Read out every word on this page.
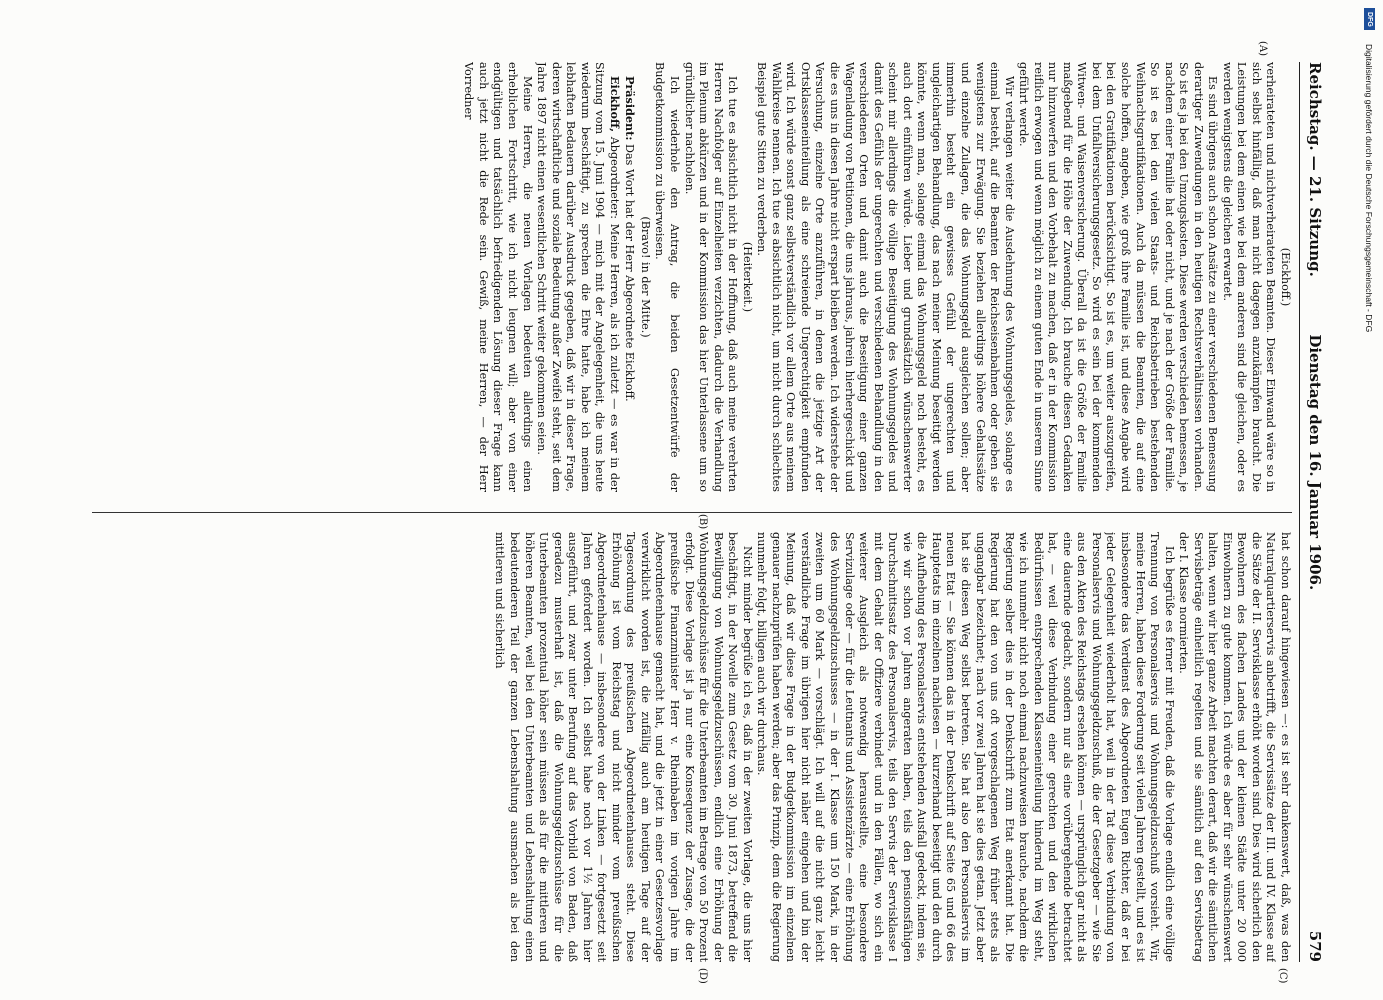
Reichstag. — 21. Sitzung.
Dienstag den 16. Januar 1906.  579

(Eickhoff.)

verheirateten und nichtverheirateten Beamten. Dieser Einwand wäre so in sich selbst hinfällig, daß man nicht dagegen anzukämpfen braucht. Die Leistungen bei dem einen wie bei dem anderen sind die gleichen, oder es werden wenigstens die gleichen erwartet.

Es sind übrigens auch schon Ansätze zu einer verschiedenen Bemessung derartiger Zuwendungen in den heutigen Rechtsverhältnissen vorhanden. So ist es ja bei den Umzugskosten. Diese werden verschieden bemessen, je nachdem einer Familie hat oder nicht, und je nach der Größe der Familie. So ist es bei den vielen Staats- und Reichsbetrieben bestehenden Weihnachtsgratifikationen. Auch da müssen die Beamten, die auf eine solche hoffen, angeben, wie groß ihre Familie ist, und diese Angabe wird bei den Gratifikationen berücksichtigt. So ist es, um weiter auszugreifen, bei dem Unfallversicherungsgesetz. So wird es sein bei der kommenden Witwen- und Waisenversicherung. Überall da ist die Größe der Familie maßgebend für die Höhe der Zuwendung. Ich brauche diesen Gedanken nur hinzuwerfen und den Vorbehalt zu machen, daß er in der Kommission reiflich erwogen und wenn möglich zu einem guten Ende in unserem Sinne geführt werde.

Wir verlangen weiter die Ausdehnung des Wohnungsgeldes, solange es einmal besteht, auf die Beamten der Reichseisenbahnen oder geben sie wenigstens zur Erwägung. Sie beziehen allerdings höhere Gehaltssätze und einzelne Zulagen, die das Wohnungsgeld ausgleichen sollen; aber immerhin besteht ein gewisses Gefühl der ungerechten und ungleichartigen Behandlung, das nach meiner Meinung beseitigt werden könnte, wenn man, solange einmal das Wohnungsgeld noch besteht, es auch dort einführen würde. Lieber und grundsätzlich wünschenswerter scheint mir allerdings die völlige Beseitigung des Wohnungsgeldes und damit des Gefühls der ungerechten und verschiedenen Behandlung in den verschiedenen Orten und damit auch die Beseitigung einer ganzen Wagenladung von Petitionen, die uns jahraus, jahrein hierhergeschickt und die es uns in diesen Jahre nicht erspart bleiben werden. Ich widerstehe der Versuchung, einzelne Orte anzuführen, in denen die jetzige Art der Ortsklasseneinteilung als eine schreiende Ungerechtigkeit empfunden wird. Ich würde sonst ganz selbstverständlich vor allem Orte aus meinem Wahlkreise nennen. Ich tue es absichtlich nicht, um nicht durch schlechtes Beispiel gute Sitten zu verderben.

(Heiterkeit.)

Ich tue es absichtlich nicht in der Hoffnung, daß auch meine verehrten Herren Nachfolger auf Einzelheiten verzichten, dadurch die Verhandlung im Plenum abkürzen und in der Kommission das hier Unterlassene um so gründlicher nachholen.

Ich wiederhole den Antrag, die beiden Gesetzentwürfe der Budgetkommission zu überweisen.

(Bravo! in der Mitte.)

Präsident: Das Wort hat der Herr Abgeordnete Eickhoff.

Eickhoff, Abgeordneter: Meine Herren, als ich zuletzt — es war in der Sitzung vom 15. Juni 1904 — mich mit der Angelegenheit, die uns heute wiederum beschäftigt, zu sprechen die Ehre hatte, habe ich meinem lebhaften Bedauern darüber Ausdruck gegeben, daß wir in dieser Frage, deren wirtschaftliche und soziale Bedeutung außer Zweifel steht, seit dem Jahre 1897 nicht einen wesentlichen Schritt weiter gekommen seien.

Meine Herren, die neuen Vorlagen bedeuten allerdings einen erheblichen Fortschritt, wie ich nicht leugnen will; aber von einer endgültigen und tatsächlich befriedigenden Lösung dieser Frage kann auch jetzt nicht die Rede sein. Gewiß, meine Herren, — der Herr Vorredner

hat schon darauf hingewiesen —: es ist sehr dankenswert, daß, was den Naturalquartierservis anbetrifft, die Servissätze der III. und IV. Klasse auf die Sätze der II. Servisklasse erhöht worden sind. Dies wird sicherlich den Bewohnern des flachen Landes und der kleinen Städte unter 20 000 Einwohnern zu gute kommen. Ich würde es aber für sehr wünschenswert halten, wenn wir hier ganze Arbeit machten derart, daß wir die sämtlichen Servisbeträge einheitlich regelten und sie sämtlich auf den Servisbetrag der I. Klasse normierten.

Ich begrüße es ferner mit Freuden, daß die Vorlage endlich eine völlige Trennung von Personalservis und Wohnungsgeldzuschuß vorsieht. Wir, meine Herren, haben diese Forderung seit vielen Jahren gestellt, und es ist insbesondere das Verdienst des Abgeordneten Eugen Richter, daß er bei jeder Gelegenheit wiederholt hat, weil in der Tat diese Verbindung von Personalservis und Wohnungsgeldzuschuß, die der Gesetzgeber — wie Sie aus den Akten des Reichstags ersehen können — ursprünglich gar nicht als eine dauernde gedacht, sondern nur als eine vorübergehende betrachtet hat, — weil diese Verbindung einer gerechten und den wirklichen Bedürfnissen entsprechenden Klasseneinteilung hindernd im Weg steht, wie ich nunmehr nicht noch einmal nachzuweisen brauche, nachdem die Regierung selber dies in der Denkschrift zum Etat anerkannt hat. Die Regierung hat den von uns oft vorgeschlagenen Weg früher stets als ungangbar bezeichnet; nach vor zwei Jahren hat sie dies getan. Jetzt aber hat sie diesen Weg selbst betreten. Sie hat also den Personalservis im neuen Etat — Sie können das in der Denkschrift auf Seite 65 und 66 des Hauptetats im einzelnen nachlesen — kurzerhand beseitigt und den durch die Aufhebung des Personalservis entstehenden Ausfall gedeckt, indem sie, wie wir schon vor Jahren angeraten haben, teils den pensionsfähigen Durchschnittssatz des Personalservis, teils den Servis der Servisklasse I mit dem Gehalt der Offiziere verbindet und in den Fällen, wo sich ein weiterer Ausgleich als notwendig herausstellte, eine besondere Servizulage oder — für die Leutnants und Assistenzärzte — eine Erhöhung des Wohnungsgeldzuschusses — in der I. Klasse um 150 Mark, in der zweiten um 60 Mark — vorschlägt. Ich will auf die nicht ganz leicht verständliche Frage im übrigen hier nicht näher eingehen und bin der Meinung, daß wir diese Frage in der Budgetkommission im einzelnen genauer nachzuprüfen haben werden; aber das Prinzip, dem die Regierung nunmehr folgt, billigen auch wir durchaus.

Nicht minder begrüße ich es, daß in der zweiten Vorlage, die uns hier beschäftigt, in der Novelle zum Gesetz vom 30. Juni 1873, betreffend die Bewilligung von Wohnungsgeldzuschüssen, endlich eine Erhöhung der Wohnungsgeldzuschüsse für die Unterbeamten im Betrage von 50 Prozent erfolgt. Diese Vorlage ist ja nur eine Konsequenz der Zusage, die der preußische Finanzminister Herr v. Rheinbaben im vorigen Jahre im Abgeordnetenhause gemacht hat, und die jetzt in einer Gesetzesvorlage verwirklicht worden ist, die zufällig auch am heutigen Tage auf der Tagesordnung des preußischen Abgeordnetenhauses steht. Diese Erhöhung ist vom Reichstag und nicht minder vom preußischen Abgeordnetenhause — insbesondere von der Linken — fortgesetzt seit Jahren gefordert worden. Ich selbst habe noch vor 1½ Jahren hier ausgeführt, und zwar unter Berufung auf das Vorbild von Baden, daß geradezu musterhaft ist, daß die Wohnungsgeldzuschüsse für die Unterbeamten prozentual höher sein müssen als für die mittleren und höheren Beamten, weil bei den Unterbeamten und Lebenshaltung einen bedeutenderen Teil der ganzen Lebenshaltung ausmachen als bei den mittleren und sicherlich

(A)
(B)
(C)
(D)
DFG
Digitalisierung gefördert durch die Deutsche Forschungsgemeinschaft - DFG
